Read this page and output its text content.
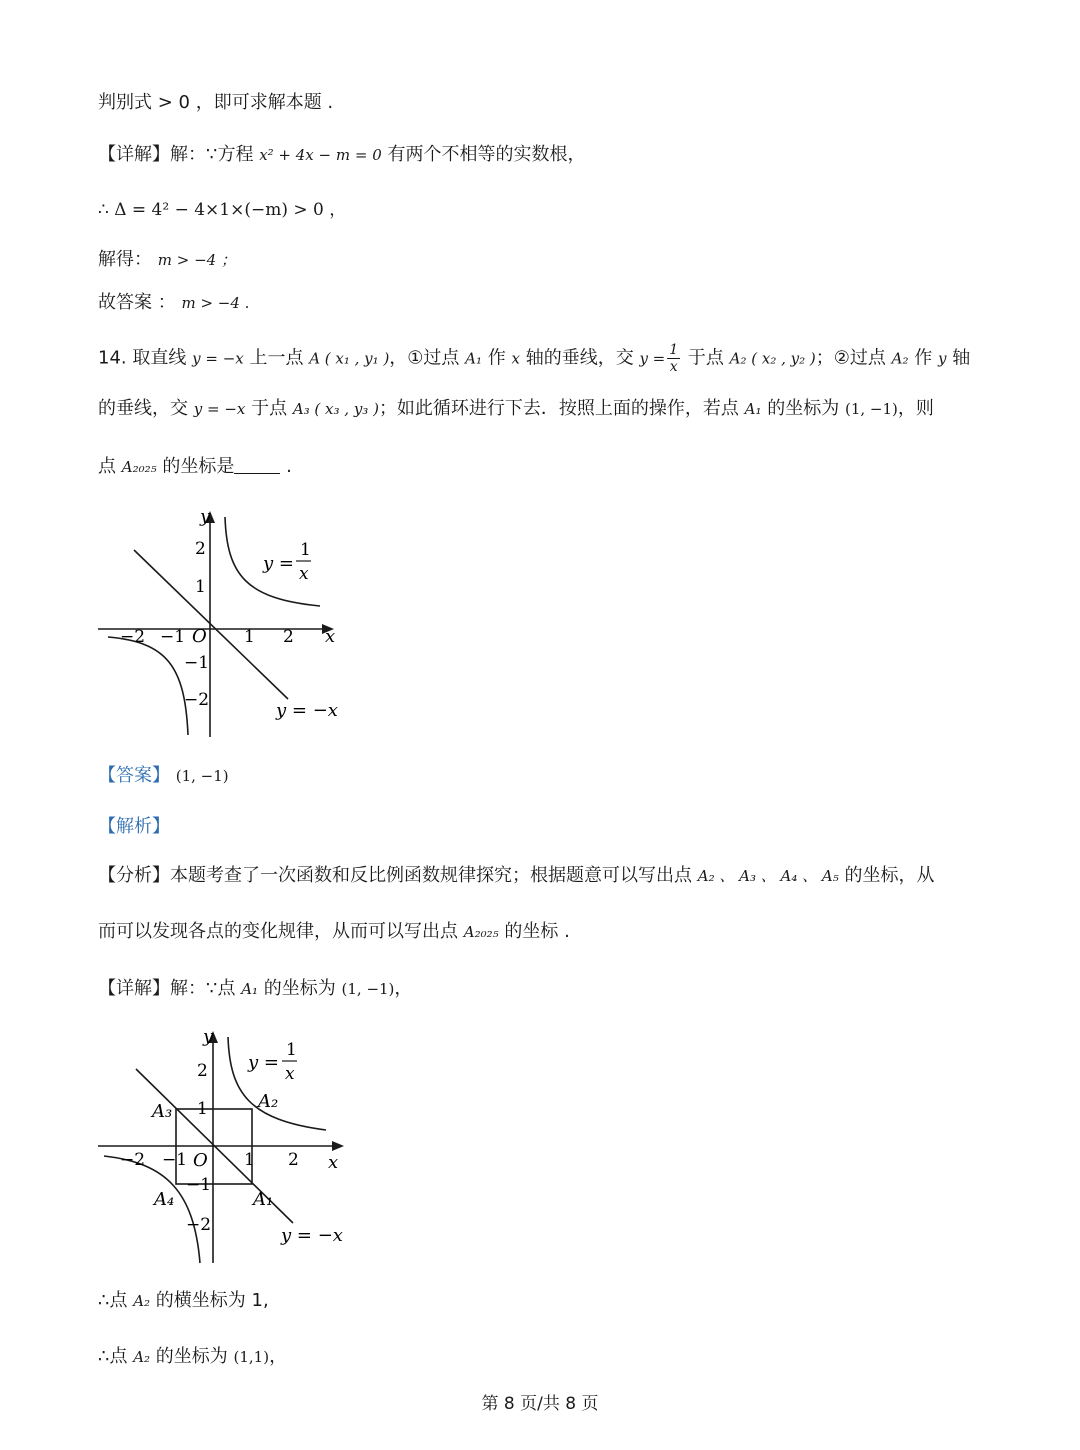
判别式 > 0 ，即可求解本题 .
【详解】解：∵方程 x² + 4x − m = 0 有两个不相等的实数根，
∴ Δ = 4² − 4×1×(−m) > 0 ，
解得： m > −4 ；
故答案 ： m > −4 .
14. 取直线 y = −x 上一点 A ( x₁ , y₁ )，①过点 A₁ 作 x 轴的垂线，交 $y = \frac{1}{x}$ 于点 A₂ ( x₂ , y₂ )；②过点 A₂ 作 y 轴
的垂线，交 y = −x 于点 A₃ ( x₃ , y₃ )；如此循环进行下去．按照上面的操作，若点 A₁ 的坐标为 (1, −1)，则
点 A₂₀₂₅ 的坐标是	.
y
x
O
−2 −1	1 2
2
1
−1
−2
y =
1
x
y = −x
【答案】 (1, −1)
【解析】
【分析】本题考查了一次函数和反比例函数规律探究；根据题意可以写出点 A₂ 、 A₃ 、 A₄ 、 A₅ 的坐标，从
而可以发现各点的变化规律，从而可以写出点 A₂₀₂₅ 的坐标 .
【详解】解：∵点 A₁ 的坐标为 (1, −1)，
y
x
O
−2 −1	1 2
2
1
−1
−2
A₁
A₂
A₃
A₄
y =
1
x
y = −x
∴点 A₂ 的横坐标为 1,
∴点 A₂ 的坐标为 (1,1)，
第 8 页/共 8 页
